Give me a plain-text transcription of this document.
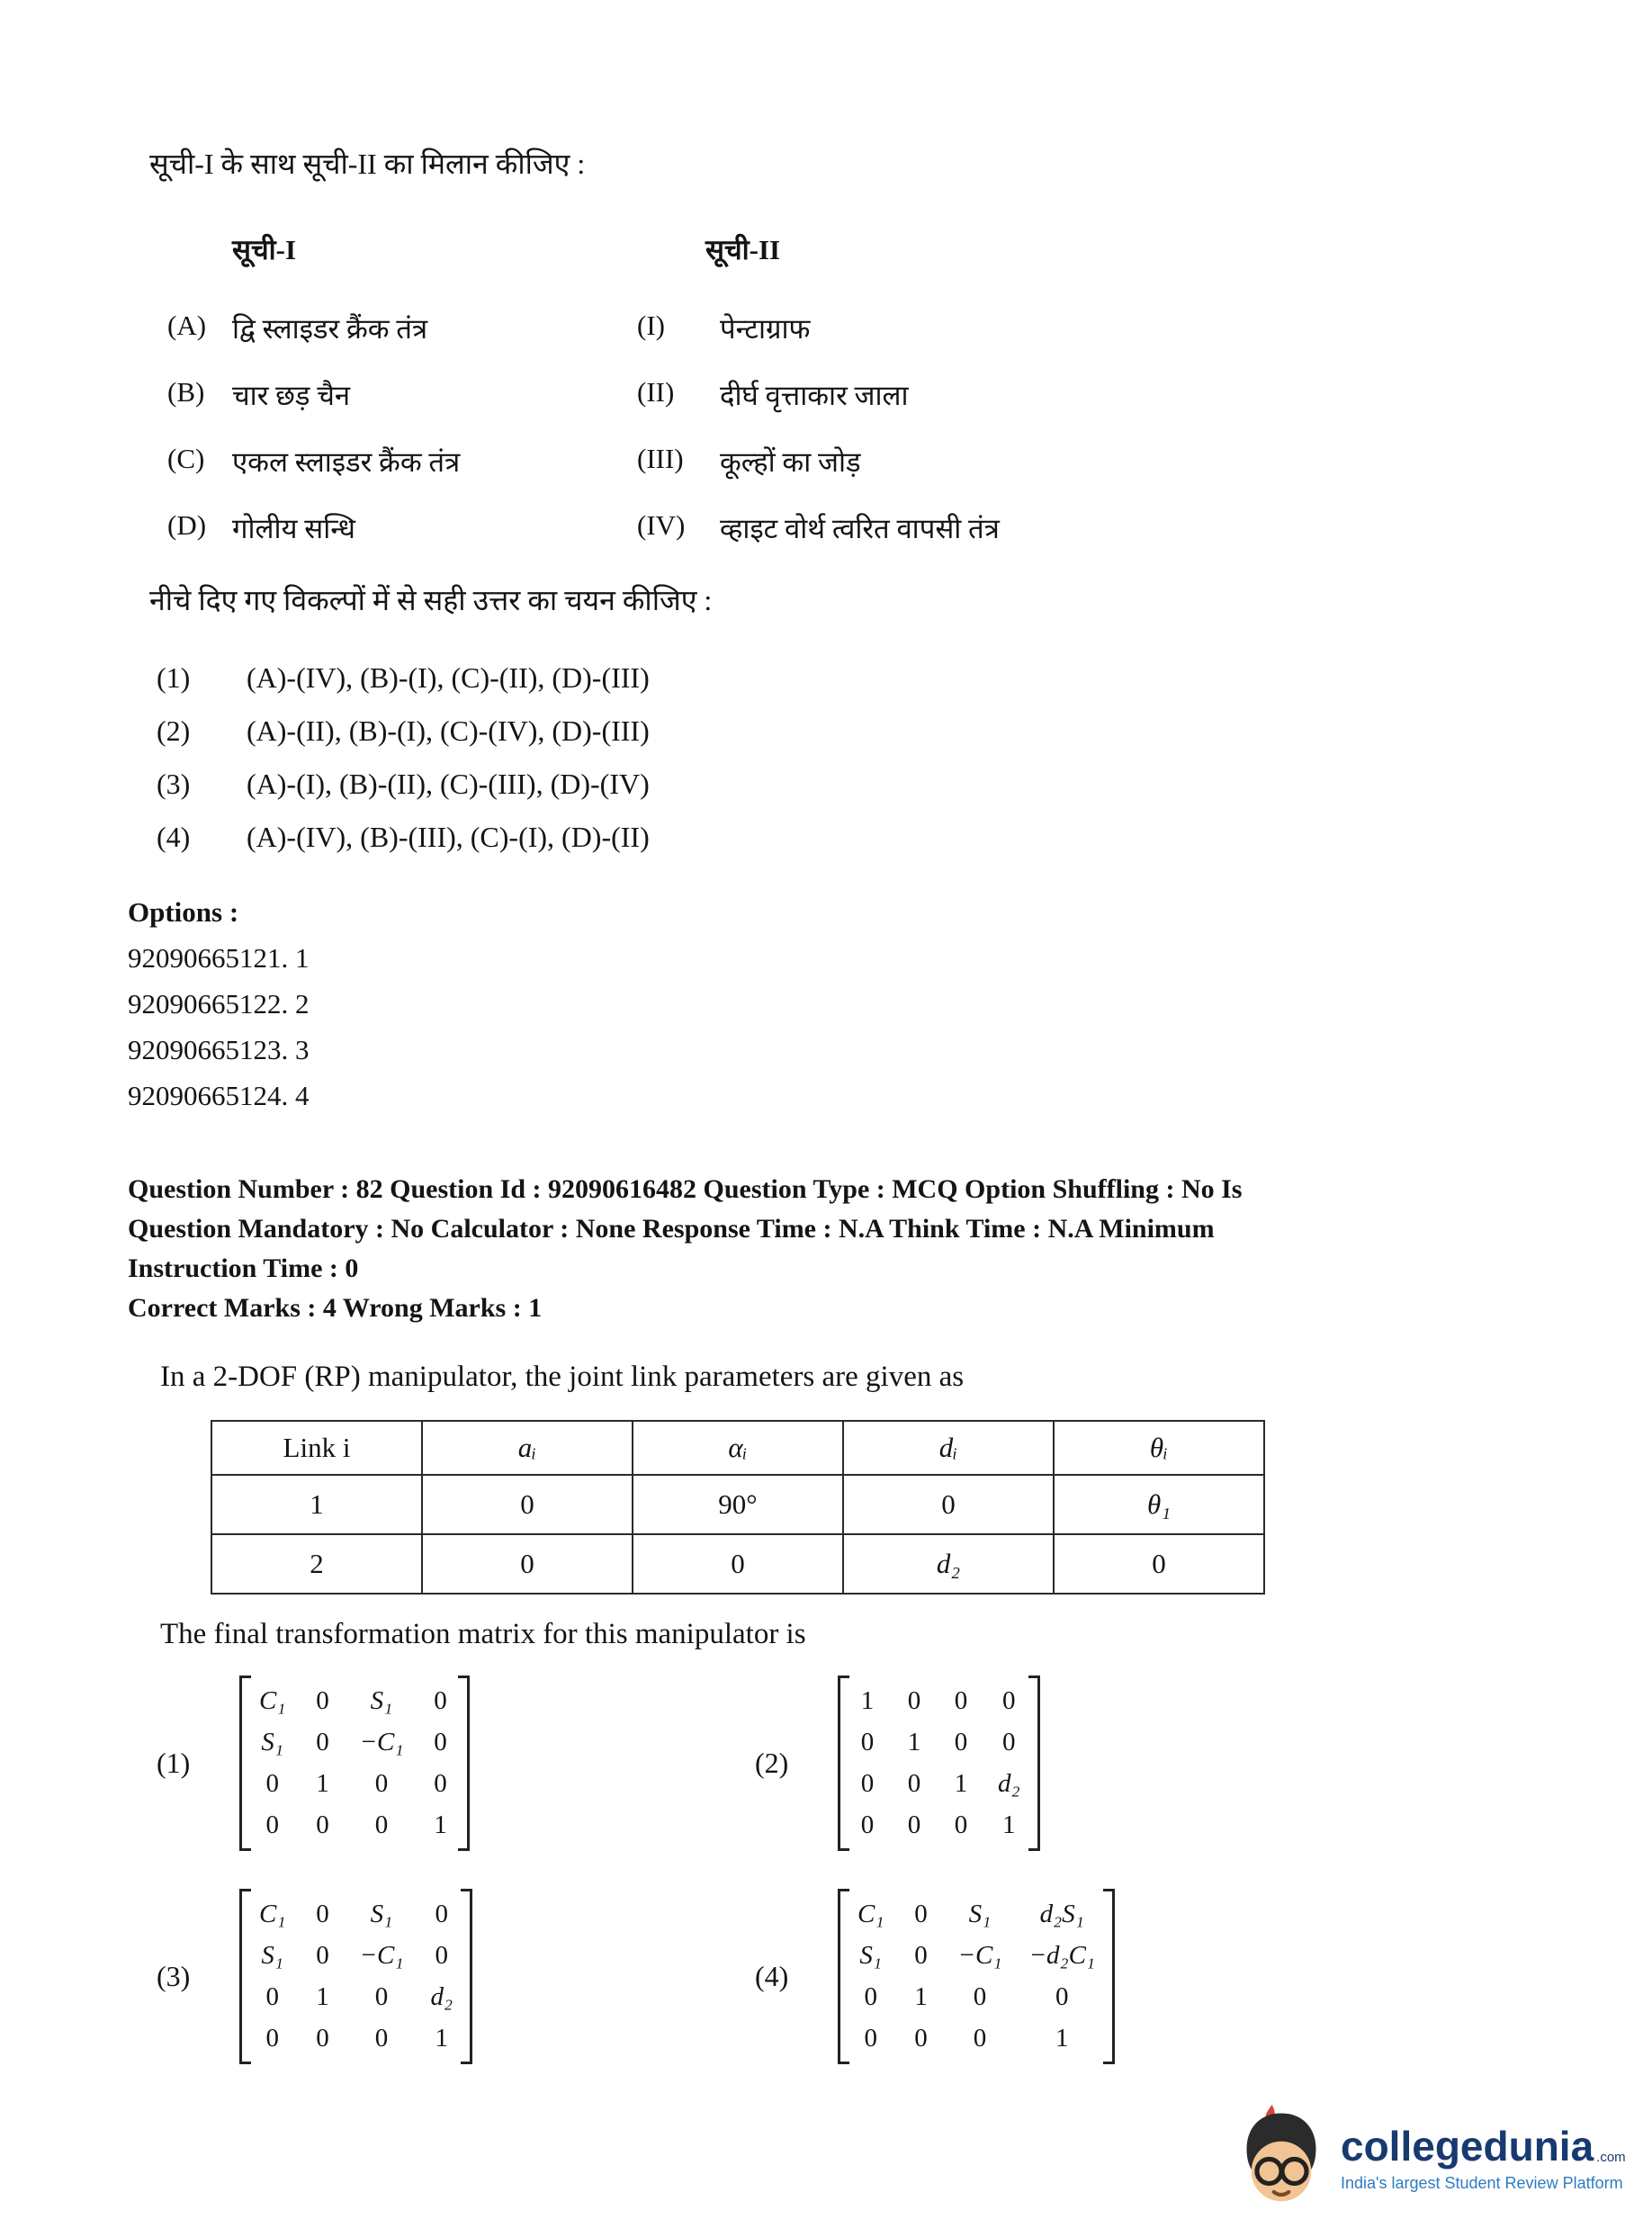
सूची-I के साथ सूची-II का मिलान कीजिए :
सूची-I	सूची-II
(A) द्वि स्लाइडर क्रैंक तंत्र	(I)	पेन्टाग्राफ
(B) चार छड़ चैन	(II)	दीर्घ वृत्ताकार जाला
(C) एकल स्लाइडर क्रैंक तंत्र	(III)	कूल्हों का जोड़
(D) गोलीय सन्धि	(IV)	व्हाइट वोर्थ त्वरित वापसी तंत्र
नीचे दिए गए विकल्पों में से सही उत्तर का चयन कीजिए :
(1)	(A)-(IV), (B)-(I), (C)-(II), (D)-(III)
(2)	(A)-(II), (B)-(I), (C)-(IV), (D)-(III)
(3)	(A)-(I), (B)-(II), (C)-(III), (D)-(IV)
(4)	(A)-(IV), (B)-(III), (C)-(I), (D)-(II)
Options :
92090665121. 1
92090665122. 2
92090665123. 3
92090665124. 4
Question Number : 82 Question Id : 92090616482 Question Type : MCQ Option Shuffling : No Is
Question Mandatory : No Calculator : None Response Time : N.A Think Time : N.A Minimum
Instruction Time : 0
Correct Marks : 4 Wrong Marks : 1
In a 2-DOF (RP) manipulator, the joint link parameters are given as
Link i	aᵢ	αᵢ	dᵢ	θᵢ
1	0	90°	0	θ₁
2	0	0	d₂	0
The final transformation matrix for this manipulator is
(1)
C₁ 0	S₁	0
S₁ 0 −C₁ 0
0 1	0	0
0 0	0	1
(2)
1 0 0 0
0 1 0 0
0 0 1 d₂
0 0 0 1
(3)
C₁ 0	S₁	0
S₁ 0 −C₁ 0
0 1	0	d₂
0 0	0	1
(4)
C₁ 0	S₁	d₂S₁
S₁ 0 −C₁ −d₂C₁
0 1	0	0
0 0	0	1
collegedunia .com
India's largest Student Review Platform
